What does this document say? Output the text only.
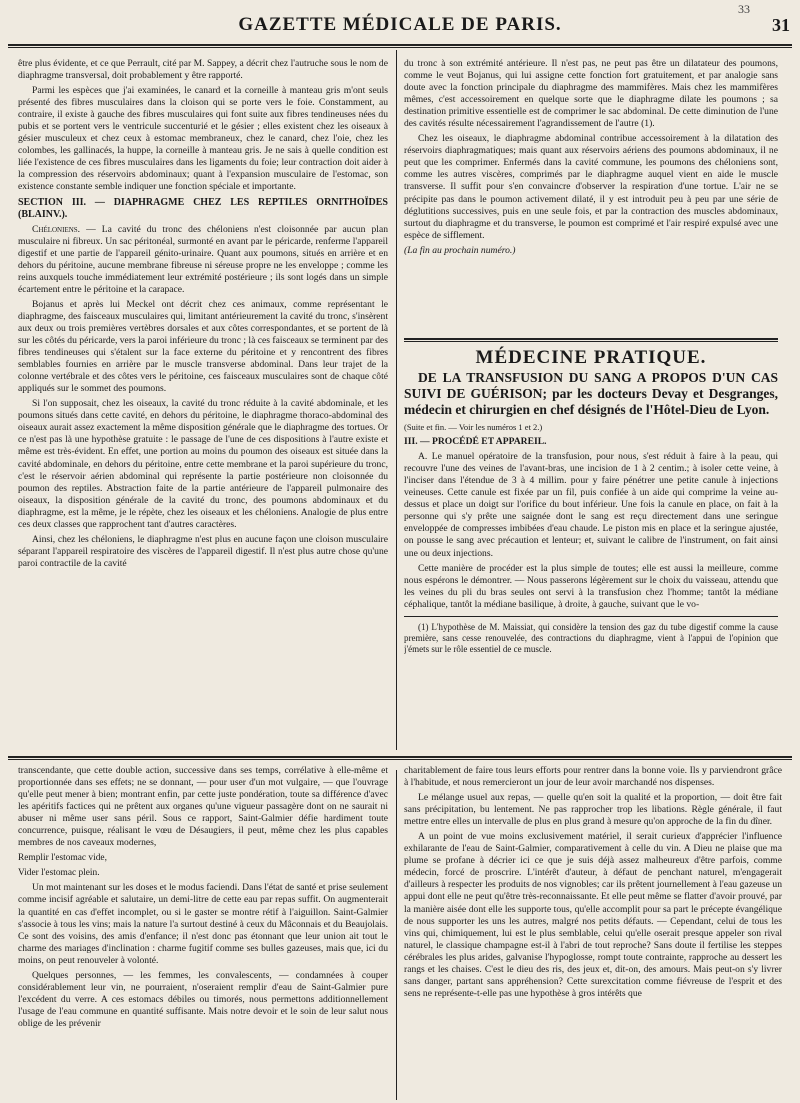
33
GAZETTE MÉDICALE DE PARIS.	31

être plus évidente, et ce que Perrault, cité par M. Sappey, a décrit chez l'autruche sous le nom de diaphragme transversal, doit probablement y être rapporté.

Parmi les espèces que j'ai examinées, le canard et la corneille à manteau gris m'ont seuls présenté des fibres musculaires dans la cloison qui se porte vers le foie. Constamment, au contraire, il existe à gauche des fibres musculaires qui font suite aux fibres tendineuses nées du pubis et se portent vers le ventricule succenturié et le gésier ; elles existent chez les oiseaux à gésier musculeux et chez ceux à estomac membraneux, chez le canard, chez l'oie, chez les colombes, les gallinacés, la huppe, la corneille à manteau gris. Je ne sais à quelle condition est liée l'existence de ces fibres musculaires dans les ligaments du foie; leur contraction doit aider à la compression des réservoirs abdominaux; quant à l'expansion musculaire de l'estomac, son existence constante semble indiquer une fonction spéciale et importante.

SECTION III. — DIAPHRAGME CHEZ LES REPTILES ORNITHOÏDES (BLAINV.).

Chéloniens. — La cavité du tronc des chéloniens n'est cloisonnée par aucun plan musculaire ni fibreux. Un sac péritonéal, surmonté en avant par le péricarde, renferme l'appareil digestif et une partie de l'appareil génito-urinaire. Quant aux poumons, situés en arrière et en dehors du péritoine, aucune membrane fibreuse ni séreuse propre ne les enveloppe ; comme les reins auxquels touche immédiatement leur extrémité postérieure ; ils sont logés dans un simple écartement entre le péritoine et la carapace.

Bojanus et après lui Meckel ont décrit chez ces animaux, comme représentant le diaphragme, des faisceaux musculaires qui, limitant antérieurement la cavité du tronc, s'insèrent aux deux ou trois premières vertèbres dorsales et aux côtes correspondantes, et se portent de là sur les côtés du péricarde, vers la paroi inférieure du tronc ; là ces faisceaux se terminent par des fibres tendineuses qui s'étalent sur la face externe du péritoine et y rencontrent des fibres semblables fournies en arrière par le muscle transverse abdominal. Dans leur trajet de la colonne vertébrale et des côtes vers le péritoine, ces faisceaux musculaires sont de chaque côté appliqués sur le sommet des poumons.

Si l'on supposait, chez les oiseaux, la cavité du tronc réduite à la cavité abdominale, et les poumons situés dans cette cavité, en dehors du péritoine, le diaphragme thoraco-abdominal des oiseaux aurait assez exactement la même disposition générale que le diaphragme des tortues. Or ce n'est pas là une hypothèse gratuite : le passage de l'une de ces dispositions à l'autre existe et même est très-évident. En effet, une portion au moins du poumon des oiseaux est située dans la cavité abdominale, en dehors du péritoine, entre cette membrane et la paroi supérieure du tronc, c'est le réservoir aérien abdominal qui représente la partie postérieure non cloisonnée du poumon des reptiles. Abstraction faite de la partie antérieure de l'appareil pulmonaire des oiseaux, la disposition générale de la cavité du tronc, des poumons abdominaux et du diaphragme, est la même, je le répète, chez les oiseaux et les chéloniens. Analogie de plus entre ces deux classes que rapprochent tant d'autres caractères.

Ainsi, chez les chéloniens, le diaphragme n'est plus en aucune façon une cloison musculaire séparant l'appareil respiratoire des viscères de l'appareil digestif. Il n'est plus autre chose qu'une paroi contractile de la cavité

du tronc à son extrémité antérieure. Il n'est pas, ne peut pas être un dilatateur des poumons, comme le veut Bojanus, qui lui assigne cette fonction fort gratuitement, et par analogie sans doute avec la fonction principale du diaphragme des mammifères. Mais chez les mammifères mêmes, c'est accessoirement en quelque sorte que le diaphragme dilate les poumons ; sa destination primitive essentielle est de comprimer le sac abdominal. De cette diminution de l'une des cavités résulte nécessairement l'agrandissement de l'autre (1).

Chez les oiseaux, le diaphragme abdominal contribue accessoirement à la dilatation des réservoirs diaphragmatiques; mais quant aux réservoirs aériens des poumons abdominaux, il ne peut que les comprimer. Enfermés dans la cavité commune, les poumons des chéloniens sont, comme les autres viscères, comprimés par le diaphragme auquel vient en aide le muscle transverse. Il suffit pour s'en convaincre d'observer la respiration d'une tortue. L'air ne se précipite pas dans le poumon activement dilaté, il y est introduit peu à peu par une série de déglutitions successives, puis en une seule fois, et par la contraction des muscles abdominaux, surtout du diaphragme et du transverse, le poumon est comprimé et l'air respiré expulsé avec une espèce de sifflement.

(La fin au prochain numéro.)

MÉDECINE PRATIQUE.

DE LA TRANSFUSION DU SANG A PROPOS D'UN CAS SUIVI DE GUÉRISON; par les docteurs Devay et Desgranges, médecin et chirurgien en chef désignés de l'Hôtel-Dieu de Lyon.

(Suite et fin. — Voir les numéros 1 et 2.)

III. — PROCÉDÉ ET APPAREIL.

A. Le manuel opératoire de la transfusion, pour nous, s'est réduit à faire à la peau, qui recouvre l'une des veines de l'avant-bras, une incision de 1 à 2 centim.; à isoler cette veine, à l'inciser dans l'étendue de 3 à 4 millim. pour y faire pénétrer une petite canule à injections veineuses. Cette canule est fixée par un fil, puis confiée à un aide qui comprime la veine au-dessus et place un doigt sur l'orifice du bout inférieur. Une fois la canule en place, on fait à la personne qui s'y prête une saignée dont le sang est reçu directement dans une seringue enveloppée de compresses imbibées d'eau chaude. Le piston mis en place et la seringue ajustée, on pousse le sang avec précaution et lenteur; et, suivant le calibre de l'instrument, on fait ainsi une ou deux injections.

Cette manière de procéder est la plus simple de toutes; elle est aussi la meilleure, comme nous espérons le démontrer. — Nous passerons légèrement sur le choix du vaisseau, attendu que les veines du pli du bras seules ont servi à la transfusion chez l'homme; tantôt la médiane céphalique, tantôt la médiane basilique, à droite, à gauche, suivant que le vo-

(1) L'hypothèse de M. Maissiat, qui considère la tension des gaz du tube digestif comme la cause première, sans cesse renouvelée, des contractions du diaphragme, vient à l'appui de l'opinion que j'émets sur le rôle essentiel de ce muscle.

transcendante, que cette double action, successive dans ses temps, corrélative à elle-même et proportionnée dans ses effets; ne se donnant, — pour user d'un mot vulgaire, — que l'ouvrage qu'elle peut mener à bien; montrant enfin, par cette juste pondération, toute sa différence d'avec les apéritifs factices qui ne prêtent aux organes qu'une vigueur passagère dont on ne saurait ni abuser ni même user sans péril. Sous ce rapport, Saint-Galmier défie hardiment toute concurrence, puisque, réalisant le vœu de Désaugiers, il peut, même chez les plus capables membres de nos caveaux modernes,

Remplir l'estomac vide,

Vider l'estomac plein.

Un mot maintenant sur les doses et le modus faciendi. Dans l'état de santé et prise seulement comme incisif agréable et salutaire, un demi-litre de cette eau par repas suffit. On augmenterait la quantité en cas d'effet incomplet, ou si le gaster se montre rétif à l'aiguillon. Saint-Galmier s'associe à tous les vins; mais la nature l'a surtout destiné à ceux du Mâconnais et du Beaujolais. Ce sont des voisins, des amis d'enfance; il n'est donc pas étonnant que leur union ait tout le charme des mariages d'inclination : charme fugitif comme ses bulles gazeuses, mais que, ici du moins, on peut renouveler à volonté.

Quelques personnes, — les femmes, les convalescents, — condamnées à couper considérablement leur vin, ne pourraient, n'oseraient remplir d'eau de Saint-Galmier pure l'excédent du verre. A ces estomacs débiles ou timorés, nous permettons additionnellement l'usage de l'eau commune en quantité suffisante. Mais notre devoir et le soin de leur salut nous oblige de les prévenir

charitablement de faire tous leurs efforts pour rentrer dans la bonne voie. Ils y parviendront grâce à l'habitude, et nous remercieront un jour de leur avoir marchandé nos dispenses.

Le mélange usuel aux repas, — quelle qu'en soit la qualité et la proportion, — doit être fait sans précipitation, bu lentement. Ne pas rapprocher trop les libations. Règle générale, il faut mettre entre elles un intervalle de plus en plus grand à mesure qu'on approche de la fin du dîner.

A un point de vue moins exclusivement matériel, il serait curieux d'apprécier l'influence exhilarante de l'eau de Saint-Galmier, comparativement à celle du vin. A Dieu ne plaise que ma plume se profane à décrier ici ce que je suis déjà assez malheureux d'être parfois, comme médecin, forcé de proscrire. L'intérêt d'auteur, à défaut de penchant naturel, m'engagerait d'ailleurs à respecter les produits de nos vignobles; car ils prêtent journellement à l'eau gazeuse un appui dont elle ne peut qu'être très-reconnaissante. Et elle peut même se flatter d'avoir prouvé, par la manière aisée dont elle les supporte tous, qu'elle accomplit pour sa part le précepte évangélique de nous supporter les uns les autres, malgré nos petits défauts. — Cependant, celui de tous les vins qui, chimiquement, lui est le plus semblable, celui qu'elle oserait presque appeler son rival naturel, le classique champagne est-il à l'abri de tout reproche? Sans doute il fertilise les steppes cérébrales les plus arides, galvanise l'hypoglosse, rompt toute contrainte, rapproche au dessert les rangs et les chaises. C'est le dieu des ris, des jeux et, dit-on, des amours. Mais peut-on s'y livrer sans danger, partant sans appréhension? Cette surexcitation comme fiévreuse de l'esprit et des sens ne représente-t-elle pas une hypothèse à gros intérêts que
